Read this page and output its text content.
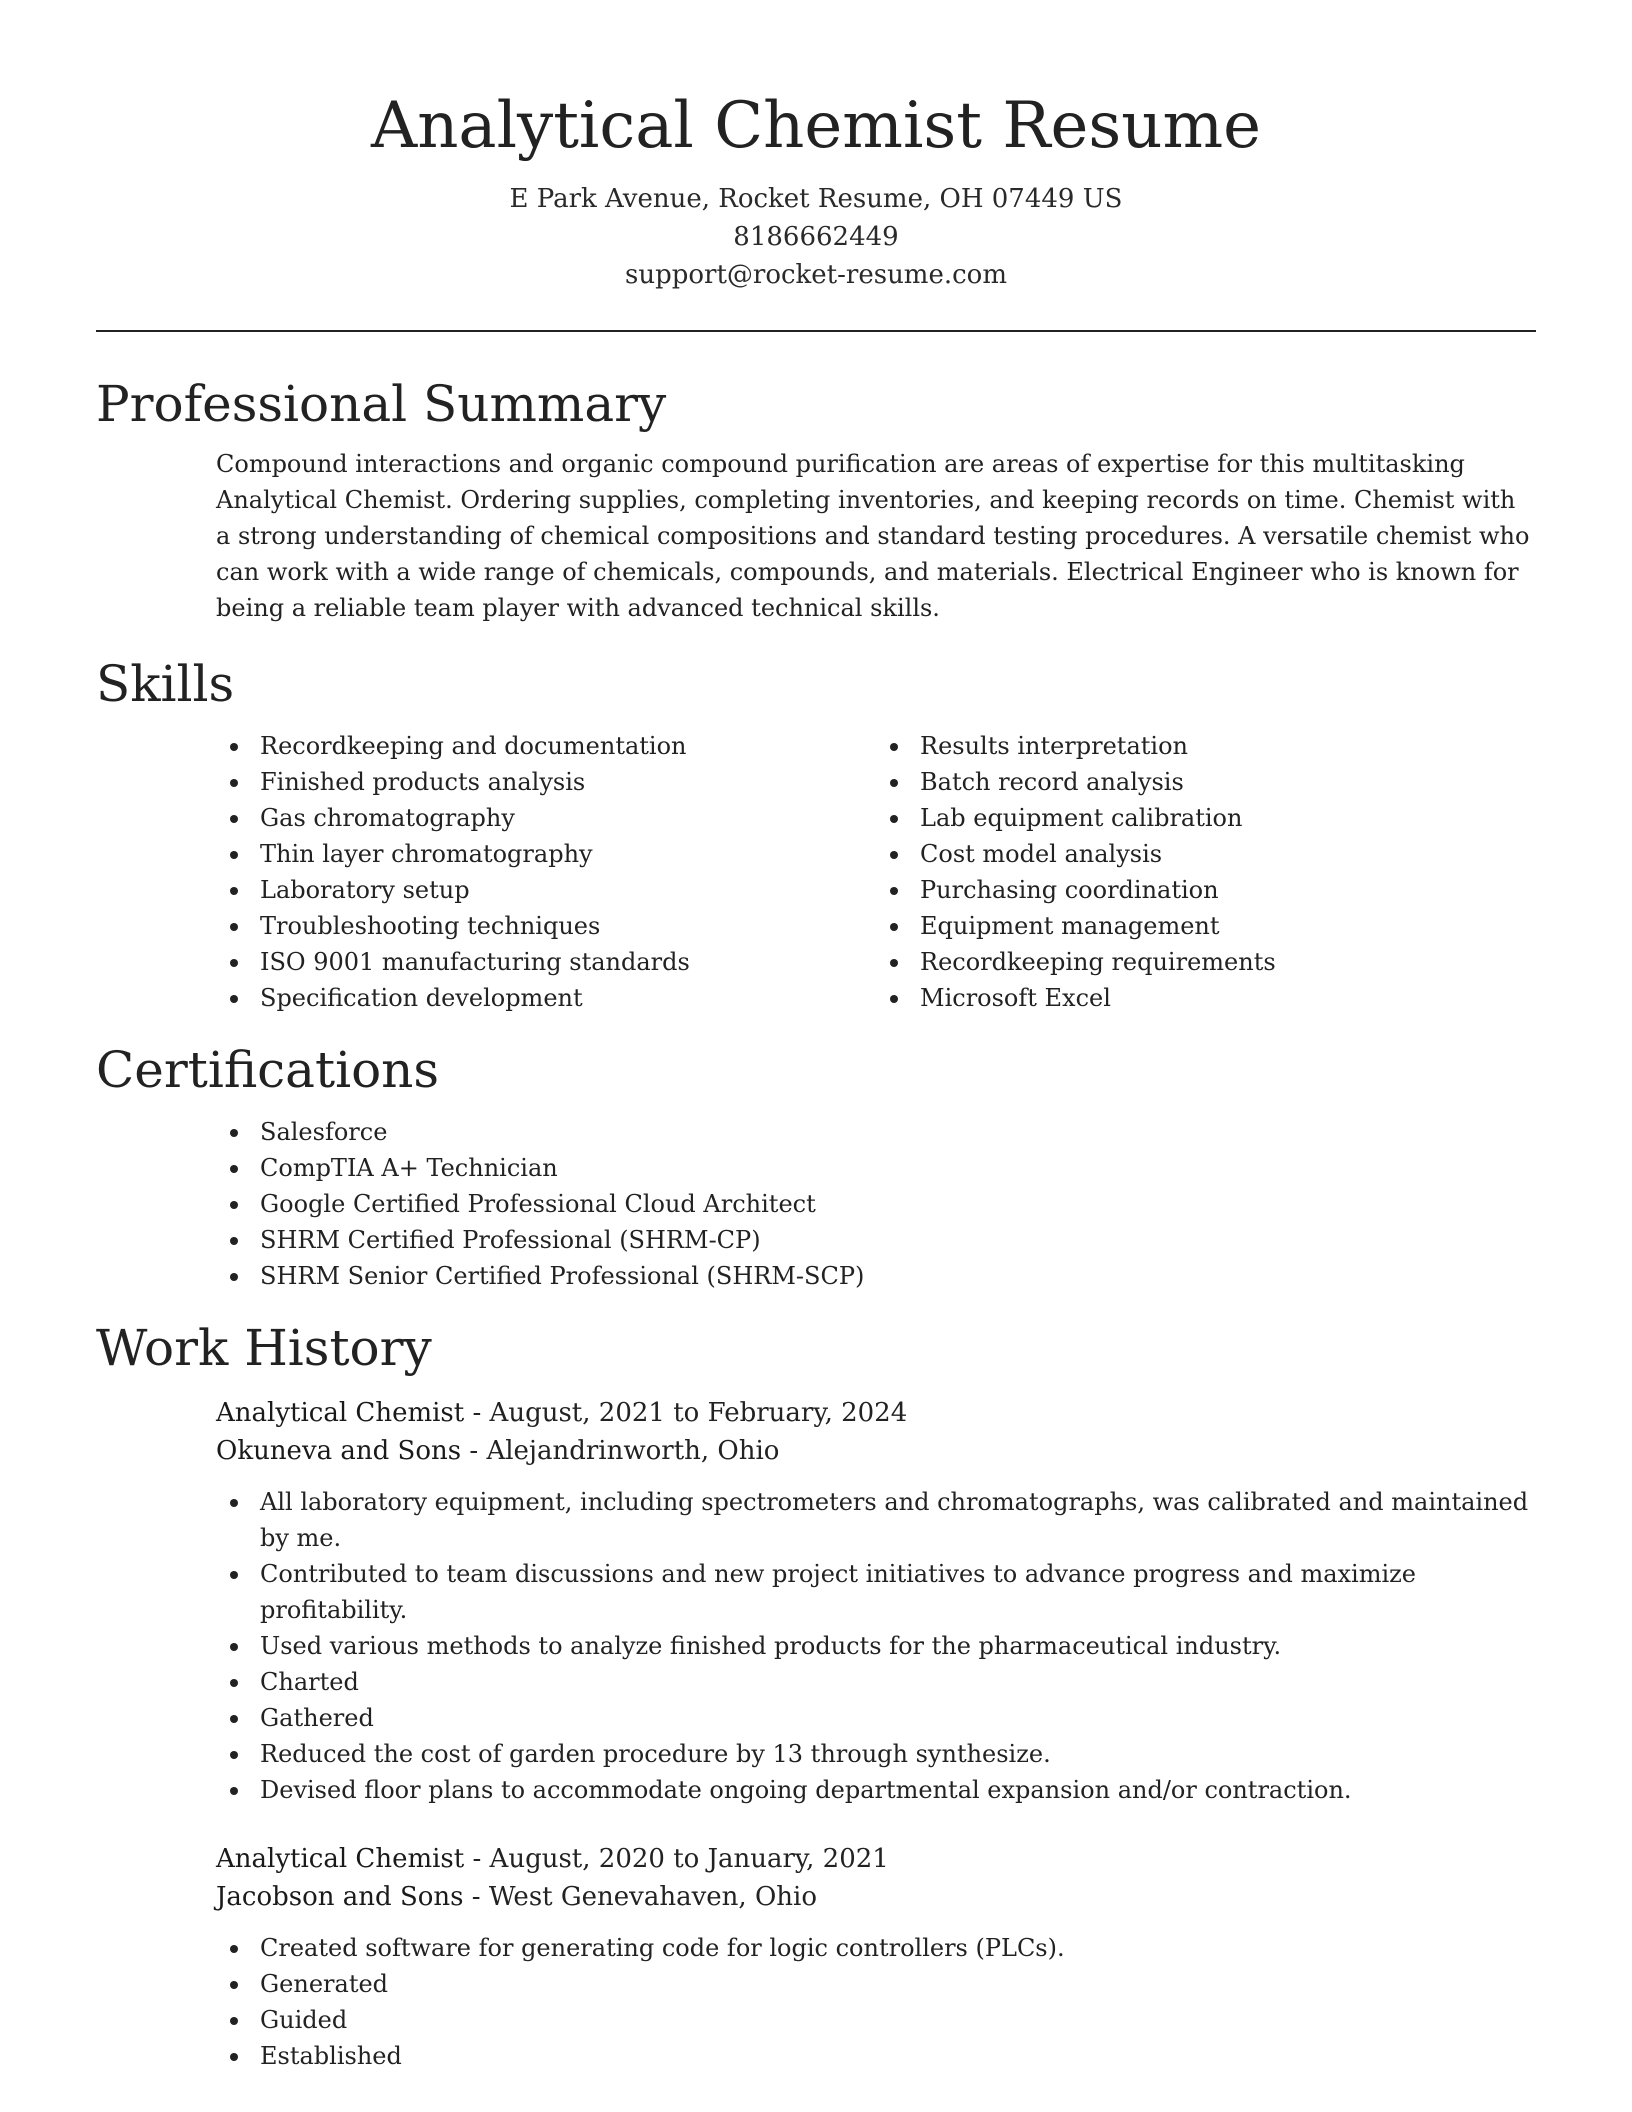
Analytical Chemist Resume
E Park Avenue, Rocket Resume, OH 07449 US
8186662449
support@rocket-resume.com
Professional Summary

Compound interactions and organic compound purification are areas of expertise for this multitasking Analytical Chemist. Ordering supplies, completing inventories, and keeping records on time. Chemist with a strong understanding of chemical compositions and standard testing procedures. A versatile chemist who can work with a wide range of chemicals, compounds, and materials. Electrical Engineer who is known for being a reliable team player with advanced technical skills.

Skills
Recordkeeping and documentation
Finished products analysis
Gas chromatography
Thin layer chromatography
Laboratory setup
Troubleshooting techniques
ISO 9001 manufacturing standards
Specification development
Results interpretation
Batch record analysis
Lab equipment calibration
Cost model analysis
Purchasing coordination
Equipment management
Recordkeeping requirements
Microsoft Excel
Certifications
Salesforce
CompTIA A+ Technician
Google Certified Professional Cloud Architect
SHRM Certified Professional (SHRM-CP)
SHRM Senior Certified Professional (SHRM-SCP)
Work History
Analytical Chemist - August, 2021 to February, 2024
Okuneva and Sons - Alejandrinworth, Ohio
All laboratory equipment, including spectrometers and chromatographs, was calibrated and maintained by me.
Contributed to team discussions and new project initiatives to advance progress and maximize profitability.
Used various methods to analyze finished products for the pharmaceutical industry.
Charted
Gathered
Reduced the cost of garden procedure by 13 through synthesize.
Devised floor plans to accommodate ongoing departmental expansion and/or contraction.
Analytical Chemist - August, 2020 to January, 2021
Jacobson and Sons - West Genevahaven, Ohio
Created software for generating code for logic controllers (PLCs).
Generated
Guided
Established
